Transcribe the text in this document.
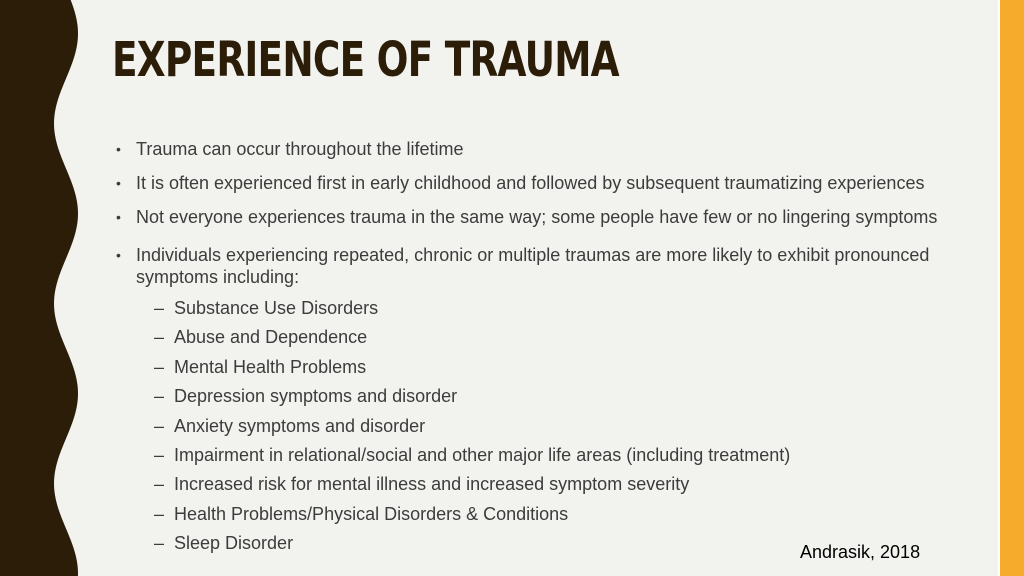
EXPERIENCE OF TRAUMA
• Trauma can occur throughout the lifetime
• It is often experienced first in early childhood and followed by subsequent traumatizing experiences
• Not everyone experiences trauma in the same way; some people have few or no lingering symptoms
• Individuals experiencing repeated, chronic or multiple traumas are more likely to exhibit pronounced symptoms including:
– Substance Use Disorders
– Abuse and Dependence
– Mental Health Problems
– Depression symptoms and disorder
– Anxiety symptoms and disorder
– Impairment in relational/social and other major life areas (including treatment)
– Increased risk for mental illness and increased symptom severity
– Health Problems/Physical Disorders & Conditions
– Sleep Disorder	Andrasik, 2018
